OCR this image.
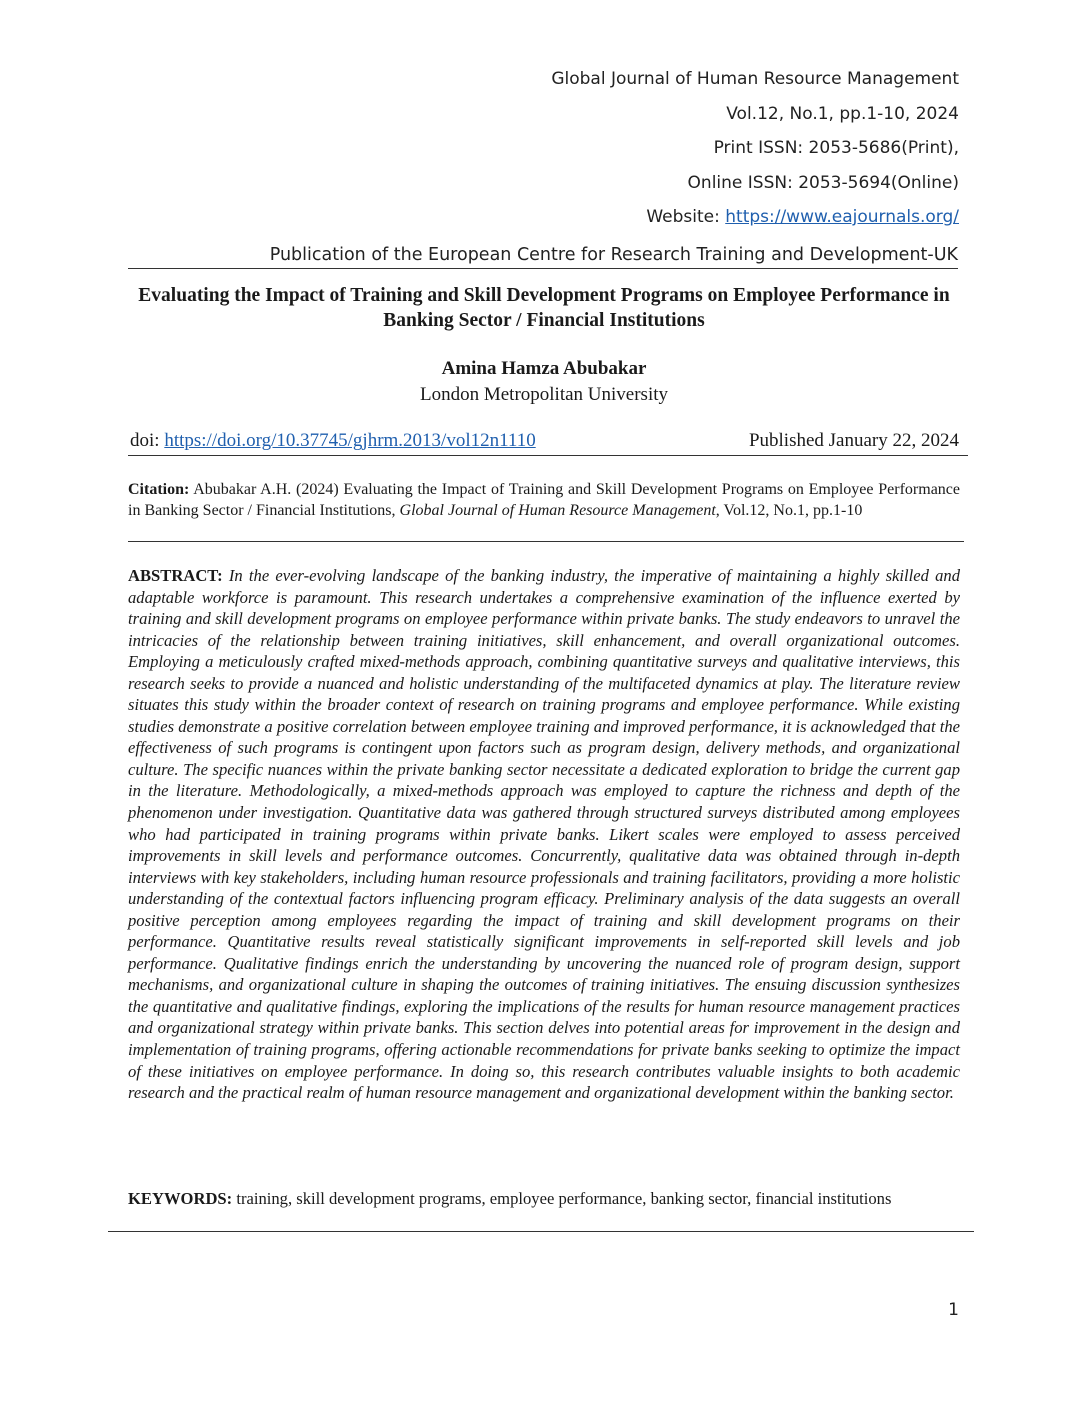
Global Journal of Human Resource Management
Vol.12, No.1, pp.1-10, 2024
Print ISSN: 2053-5686(Print),
Online ISSN: 2053-5694(Online)
Website: https://www.eajournals.org/
Publication of the European Centre for Research Training and Development-UK
Evaluating the Impact of Training and Skill Development Programs on Employee Performance in Banking Sector / Financial Institutions
Amina Hamza Abubakar
London Metropolitan University
doi: https://doi.org/10.37745/gjhrm.2013/vol12n1110	Published January 22, 2024
Citation: Abubakar A.H. (2024) Evaluating the Impact of Training and Skill Development Programs on Employee Performance in Banking Sector / Financial Institutions, Global Journal of Human Resource Management, Vol.12, No.1, pp.1-10
ABSTRACT: In the ever-evolving landscape of the banking industry, the imperative of maintaining a highly skilled and adaptable workforce is paramount. This research undertakes a comprehensive examination of the influence exerted by training and skill development programs on employee performance within private banks. The study endeavors to unravel the intricacies of the relationship between training initiatives, skill enhancement, and overall organizational outcomes. Employing a meticulously crafted mixed-methods approach, combining quantitative surveys and qualitative interviews, this research seeks to provide a nuanced and holistic understanding of the multifaceted dynamics at play. The literature review situates this study within the broader context of research on training programs and employee performance. While existing studies demonstrate a positive correlation between employee training and improved performance, it is acknowledged that the effectiveness of such programs is contingent upon factors such as program design, delivery methods, and organizational culture. The specific nuances within the private banking sector necessitate a dedicated exploration to bridge the current gap in the literature. Methodologically, a mixed-methods approach was employed to capture the richness and depth of the phenomenon under investigation. Quantitative data was gathered through structured surveys distributed among employees who had participated in training programs within private banks. Likert scales were employed to assess perceived improvements in skill levels and performance outcomes. Concurrently, qualitative data was obtained through in-depth interviews with key stakeholders, including human resource professionals and training facilitators, providing a more holistic understanding of the contextual factors influencing program efficacy. Preliminary analysis of the data suggests an overall positive perception among employees regarding the impact of training and skill development programs on their performance. Quantitative results reveal statistically significant improvements in self-reported skill levels and job performance. Qualitative findings enrich the understanding by uncovering the nuanced role of program design, support mechanisms, and organizational culture in shaping the outcomes of training initiatives. The ensuing discussion synthesizes the quantitative and qualitative findings, exploring the implications of the results for human resource management practices and organizational strategy within private banks. This section delves into potential areas for improvement in the design and implementation of training programs, offering actionable recommendations for private banks seeking to optimize the impact of these initiatives on employee performance. In doing so, this research contributes valuable insights to both academic research and the practical realm of human resource management and organizational development within the banking sector.
KEYWORDS: training, skill development programs, employee performance, banking sector, financial institutions
1
